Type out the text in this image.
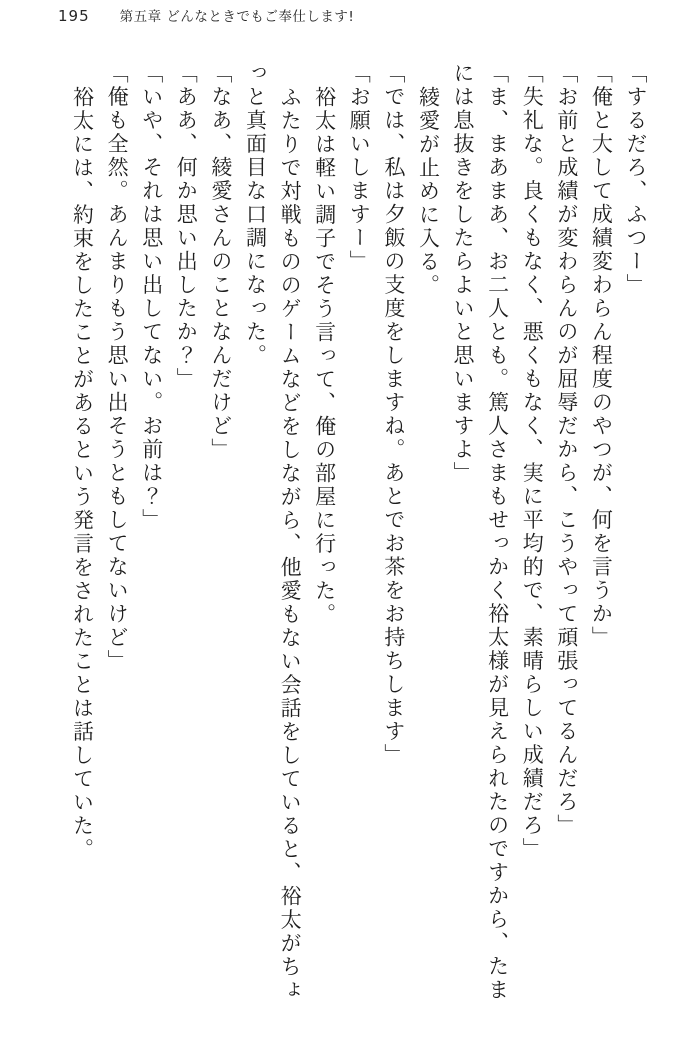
195 第五章 どんなときでもご奉仕します!

「するだろ、ふつー」

「俺と大して成績変わらん程度のやつが、何を言うか」

「お前と成績が変わらんのが屈辱だから、こうやって頑張ってるんだろ」

「失礼な。良くもなく、悪くもなく、実に平均的で、素晴らしい成績だろ」

「ま、まあまあ、お二人とも。篤人さまもせっかく裕太様が見えられたのですから、たまには息抜きをしたらよいと思いますよ」

綾愛が止めに入る。

「では、私は夕飯の支度をしますね。あとでお茶をお持ちします」

「お願いしますー」

裕太は軽い調子でそう言って、俺の部屋に行った。

ふたりで対戦もののゲームなどをしながら、他愛もない会話をしていると、裕太がちょっと真面目な口調になった。

「なあ、綾愛さんのことなんだけど」

「ああ、何か思い出したか？」

「いや、それは思い出してない。お前は？」

「俺も全然。あんまりもう思い出そうともしてないけど」

裕太には、約束をしたことがあるという発言をされたことは話していた。
